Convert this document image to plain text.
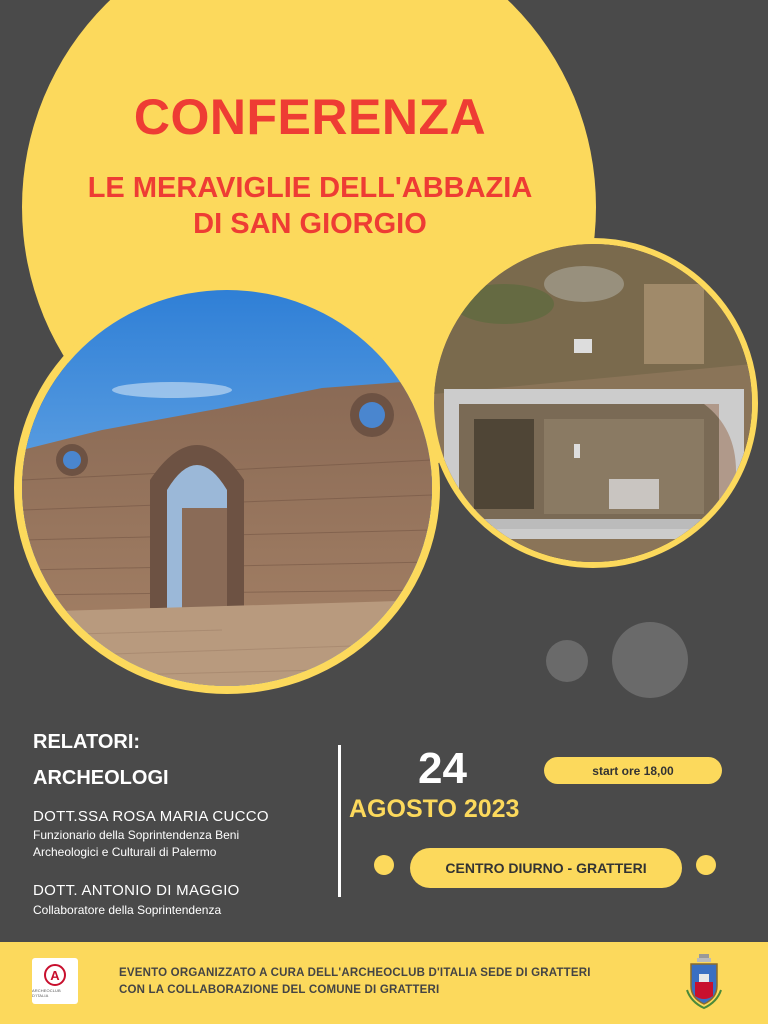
CONFERENZA
LE MERAVIGLIE DELL'ABBAZIA
DI SAN GIORGIO
RELATORI:
ARCHEOLOGI
DOTT.SSA ROSA MARIA CUCCO
Funzionario della Soprintendenza Beni
Archeologici e Culturali di Palermo
DOTT. ANTONIO DI MAGGIO
Collaboratore della Soprintendenza
24
AGOSTO 2023
start ore 18,00
CENTRO DIURNO - GRATTERI
A
ARCHEOCLUB D'ITALIA
EVENTO ORGANIZZATO A CURA DELL'ARCHEOCLUB D'ITALIA SEDE DI GRATTERI
CON LA COLLABORAZIONE DEL COMUNE DI GRATTERI
